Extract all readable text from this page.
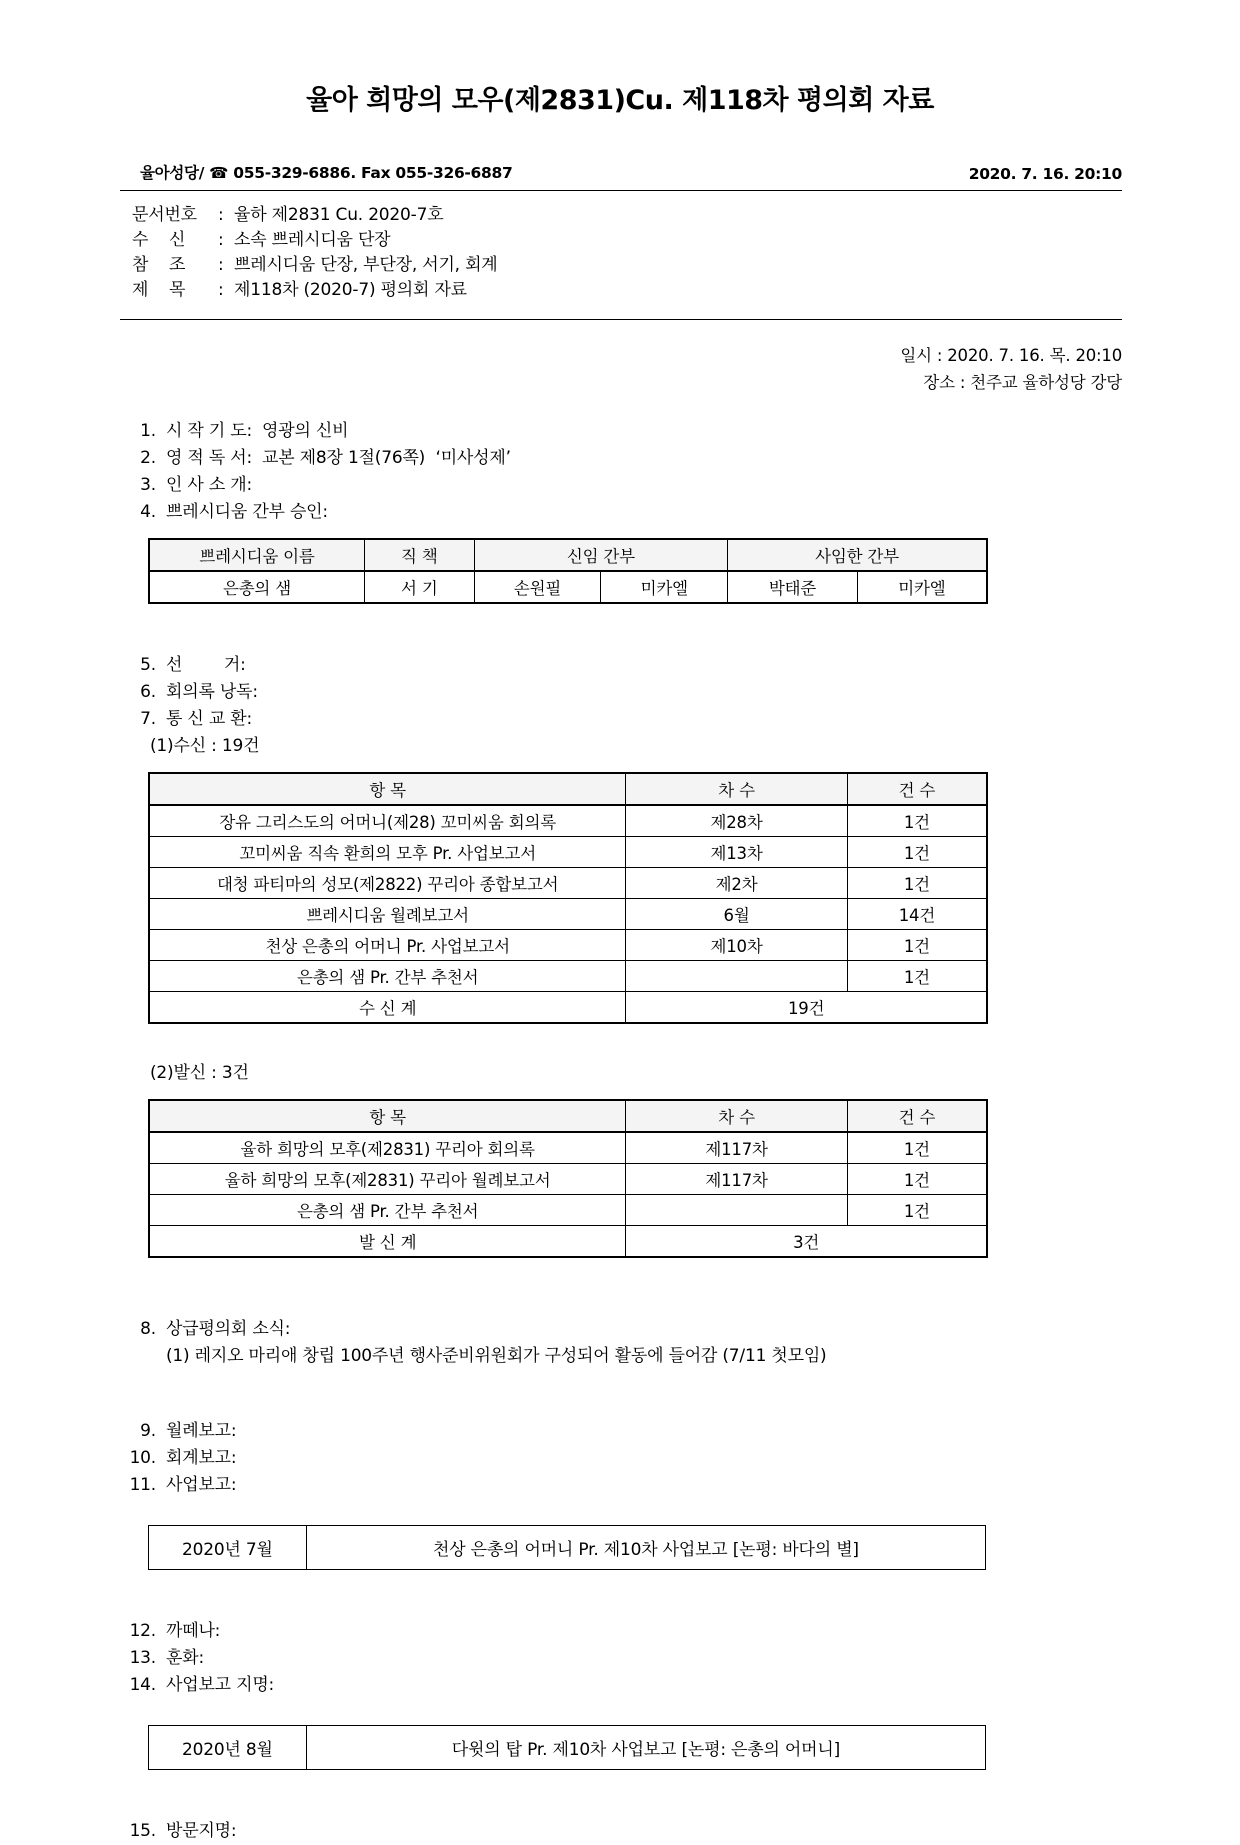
율아 희망의 모우(제2831)Cu. 제118차 평의회 자료
율아성당/ ☎ 055-329-6886. Fax 055-326-6887	2020. 7. 16. 20:10
문서번호	: 율하 제2831 Cu. 2020-7호
수    신	: 소속 쁘레시디움 단장
참    조	: 쁘레시디움 단장, 부단장, 서기, 회계
제    목	: 제118차 (2020-7) 평의회 자료
일시 : 2020. 7. 16. 목. 20:10
장소 : 천주교 율하성당 강당
1.
시 작 기 도:
영광의 신비
2.
영 적 독 서:
교본 제8장 1절(76쪽)  ‘미사성제’
3.
인 사 소 개:
4.
쁘레시디움 간부 승인:
쁘레시디움 이름	직 책	신임 간부		사임한 간부	
은총의 샘	서 기	손원필	미카엘	박태준	미카엘
5.
선        거:
6.
회의록 낭독:
7.
통 신 교 환:
(1)수신 : 19건
항 목	차 수	건 수
장유 그리스도의 어머니(제28) 꼬미씨움 회의록	제28차	1건
꼬미씨움 직속 환희의 모후 Pr. 사업보고서	제13차	1건
대청 파티마의 성모(제2822) 꾸리아 종합보고서	제2차	1건
쁘레시디움 월례보고서	6월	14건
천상 은총의 어머니 Pr. 사업보고서	제10차	1건
은총의 샘 Pr. 간부 추천서		1건
수 신 계	19건	
(2)발신 : 3건
항 목	차 수	건 수
율하 희망의 모후(제2831) 꾸리아 회의록	제117차	1건
율하 희망의 모후(제2831) 꾸리아 월례보고서	제117차	1건
은총의 샘 Pr. 간부 추천서		1건
발 신 계	3건	
8.
상급평의회 소식:
(1) 레지오 마리애 창립 100주년 행사준비위원회가 구성되어 활동에 들어감 (7/11 첫모임)
9.
월례보고:
10.
회계보고:
11.
사업보고:
2020년 7월	천상 은총의 어머니 Pr. 제10차 사업보고 [논평: 바다의 별]
12.
까떼나:
13.
훈화:
14.
사업보고 지명:
2020년 8월	다윗의 탑 Pr. 제10차 사업보고 [논평: 은총의 어머니]
15.
방문지명:
